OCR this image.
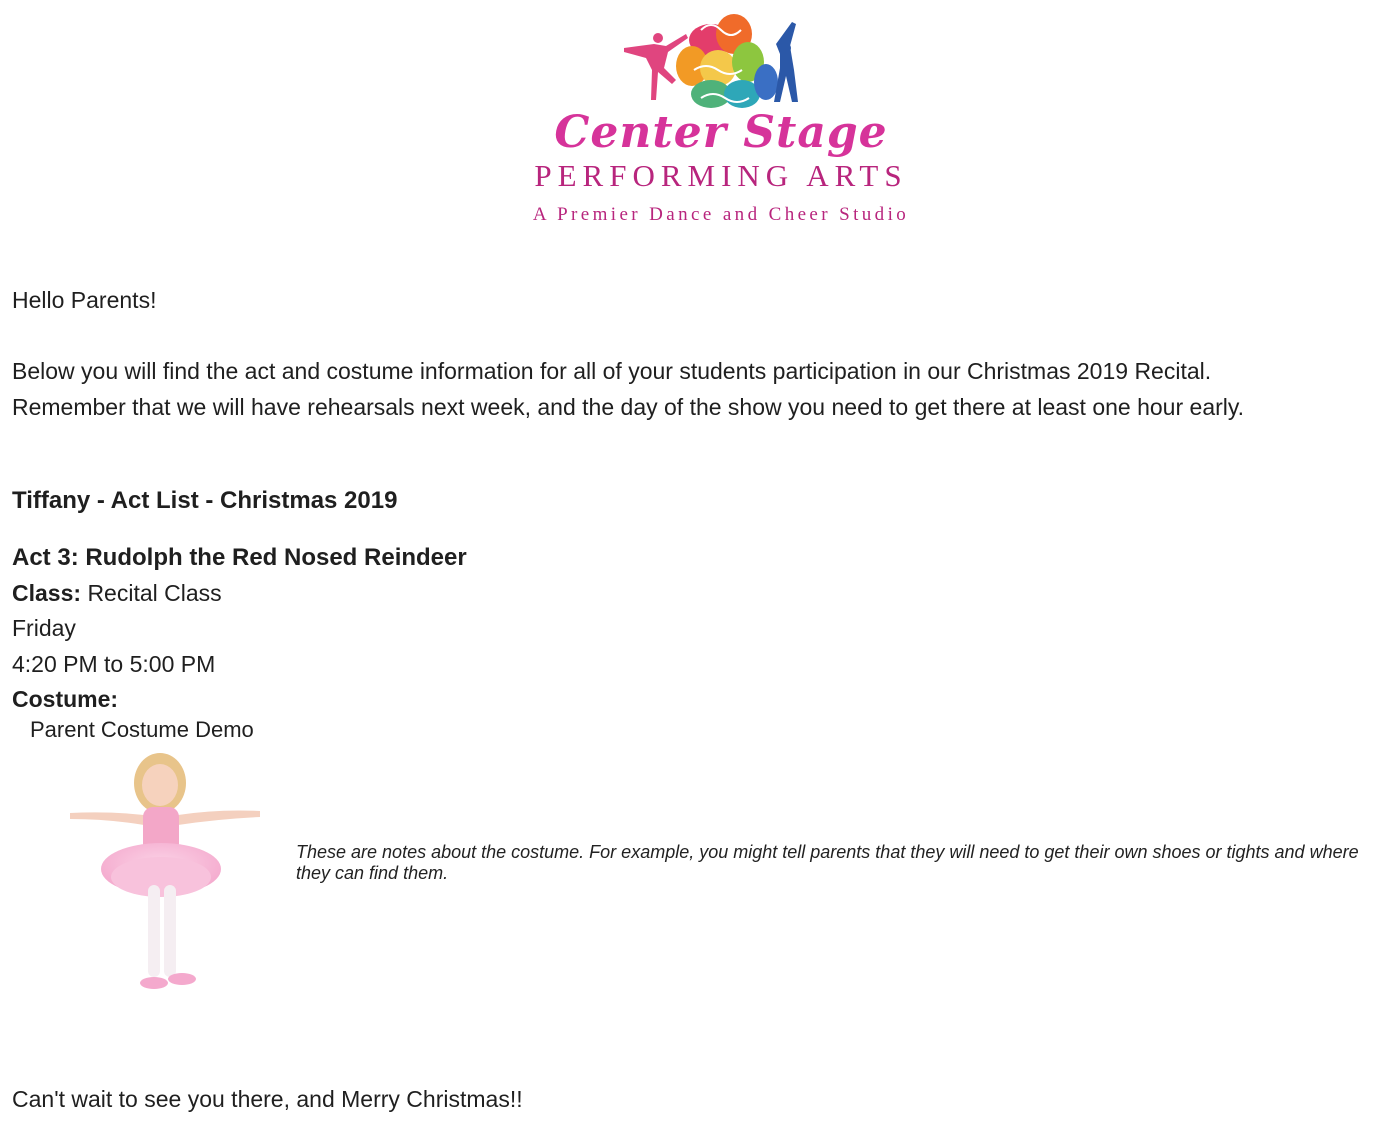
Center Stage
PERFORMING ARTS
A Premier Dance and Cheer Studio
Hello Parents!
Below you will find the act and costume information for all of your students participation in our Christmas 2019 Recital.
Remember that we will have rehearsals next week, and the day of the show you need to get there at least one hour early.
Tiffany - Act List - Christmas 2019
Act 3: Rudolph the Red Nosed Reindeer
Class: Recital Class
Friday
4:20 PM to 5:00 PM
Costume:
Parent Costume Demo
These are notes about the costume. For example, you might tell parents that they will need to get their own shoes or tights and where they can find them.
Can't wait to see you there, and Merry Christmas!!
